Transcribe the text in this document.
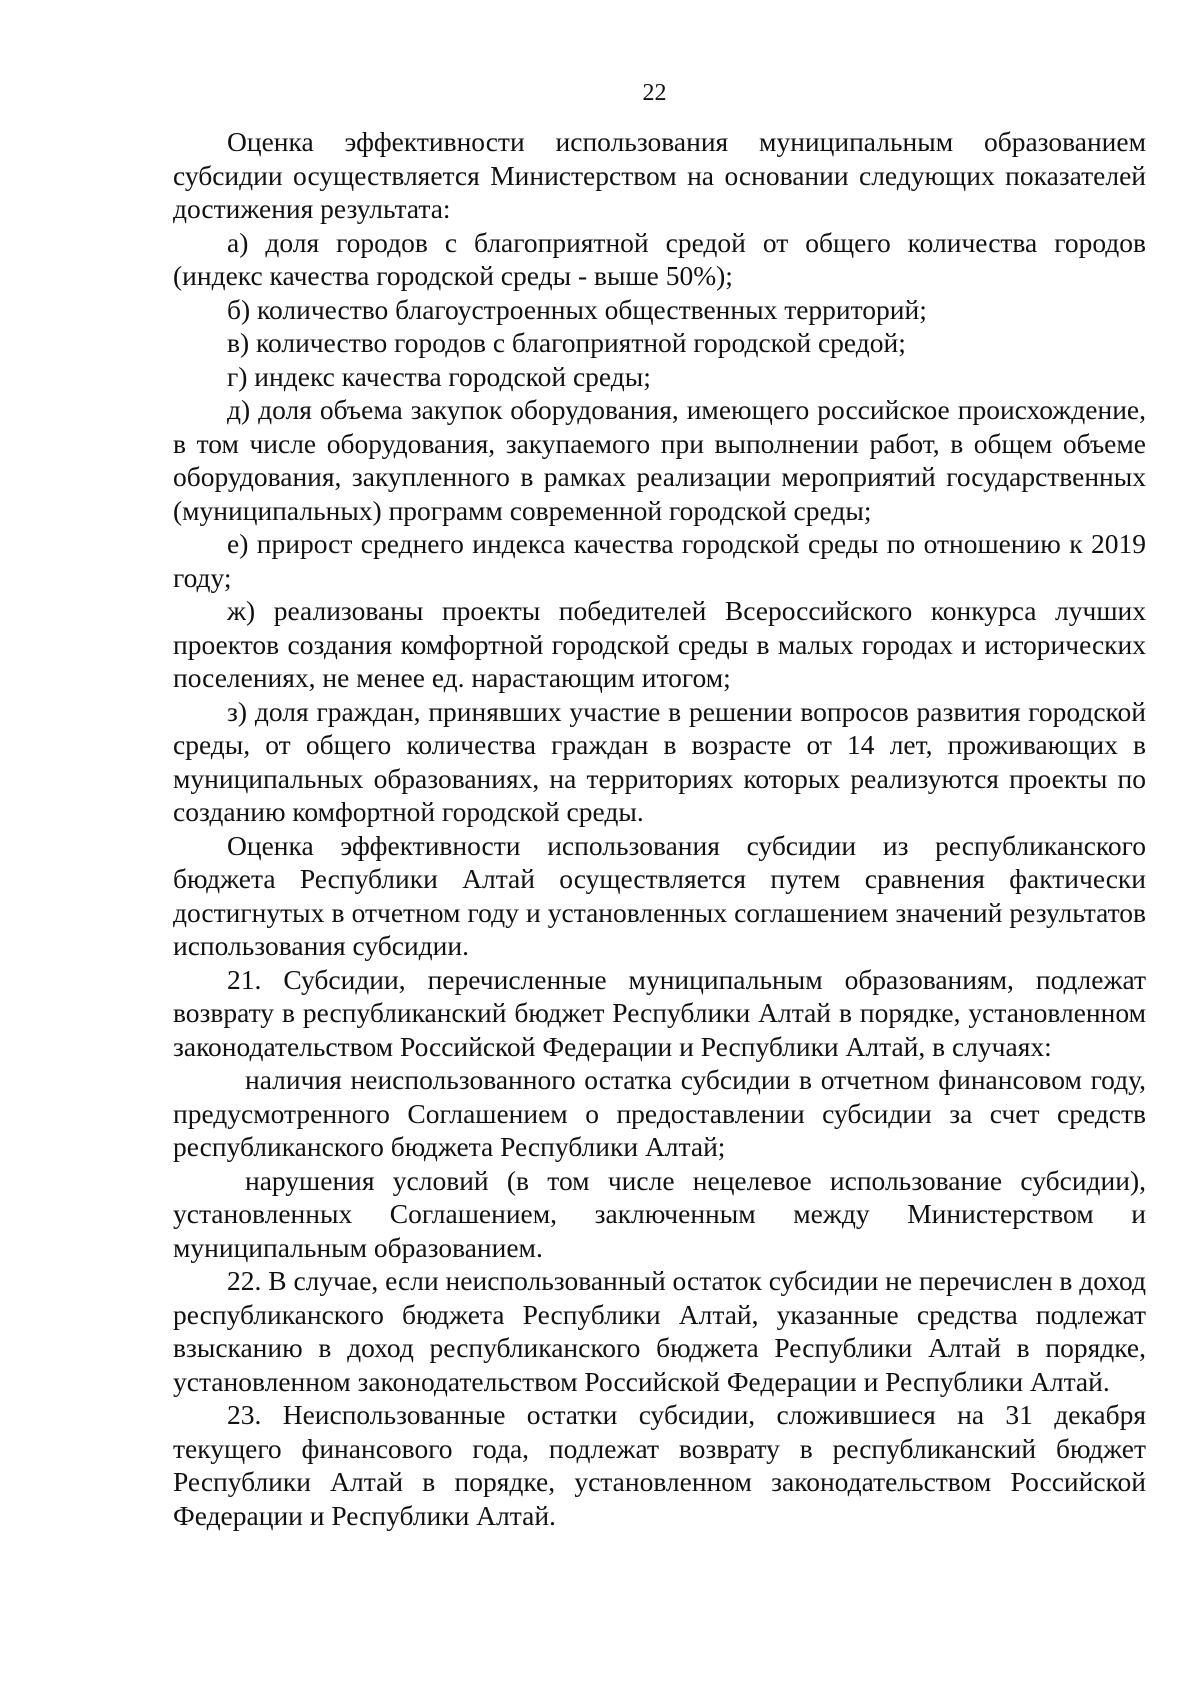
22

Оценка эффективности использования муниципальным образованием субсидии осуществляется Министерством на основании следующих показателей достижения результата:

а) доля городов с благоприятной средой от общего количества городов (индекс качества городской среды - выше 50%);

б) количество благоустроенных общественных территорий;

в) количество городов с благоприятной городской средой;

г) индекс качества городской среды;

д) доля объема закупок оборудования, имеющего российское происхождение, в том числе оборудования, закупаемого при выполнении работ, в общем объеме оборудования, закупленного в рамках реализации мероприятий государственных (муниципальных) программ современной городской среды;

е) прирост среднего индекса качества городской среды по отношению к 2019 году;

ж) реализованы проекты победителей Всероссийского конкурса лучших проектов создания комфортной городской среды в малых городах и исторических поселениях, не менее ед. нарастающим итогом;

з) доля граждан, принявших участие в решении вопросов развития городской среды, от общего количества граждан в возрасте от 14 лет, проживающих в муниципальных образованиях, на территориях которых реализуются проекты по созданию комфортной городской среды.

Оценка эффективности использования субсидии из республиканского бюджета Республики Алтай осуществляется путем сравнения фактически достигнутых в отчетном году и установленных соглашением значений результатов использования субсидии.

21. Субсидии, перечисленные муниципальным образованиям, подлежат возврату в республиканский бюджет Республики Алтай в порядке, установленном законодательством Российской Федерации и Республики Алтай, в случаях:

наличия неиспользованного остатка субсидии в отчетном финансовом году, предусмотренного Соглашением о предоставлении субсидии за счет средств республиканского бюджета Республики Алтай;

нарушения условий (в том числе нецелевое использование субсидии), установленных Соглашением, заключенным между Министерством и муниципальным образованием.

22. В случае, если неиспользованный остаток субсидии не перечислен в доход республиканского бюджета Республики Алтай, указанные средства подлежат взысканию в доход республиканского бюджета Республики Алтай в порядке, установленном законодательством Российской Федерации и Республики Алтай.

23. Неиспользованные остатки субсидии, сложившиеся на 31 декабря текущего финансового года, подлежат возврату в республиканский бюджет Республики Алтай в порядке, установленном законодательством Российской Федерации и Республики Алтай.
